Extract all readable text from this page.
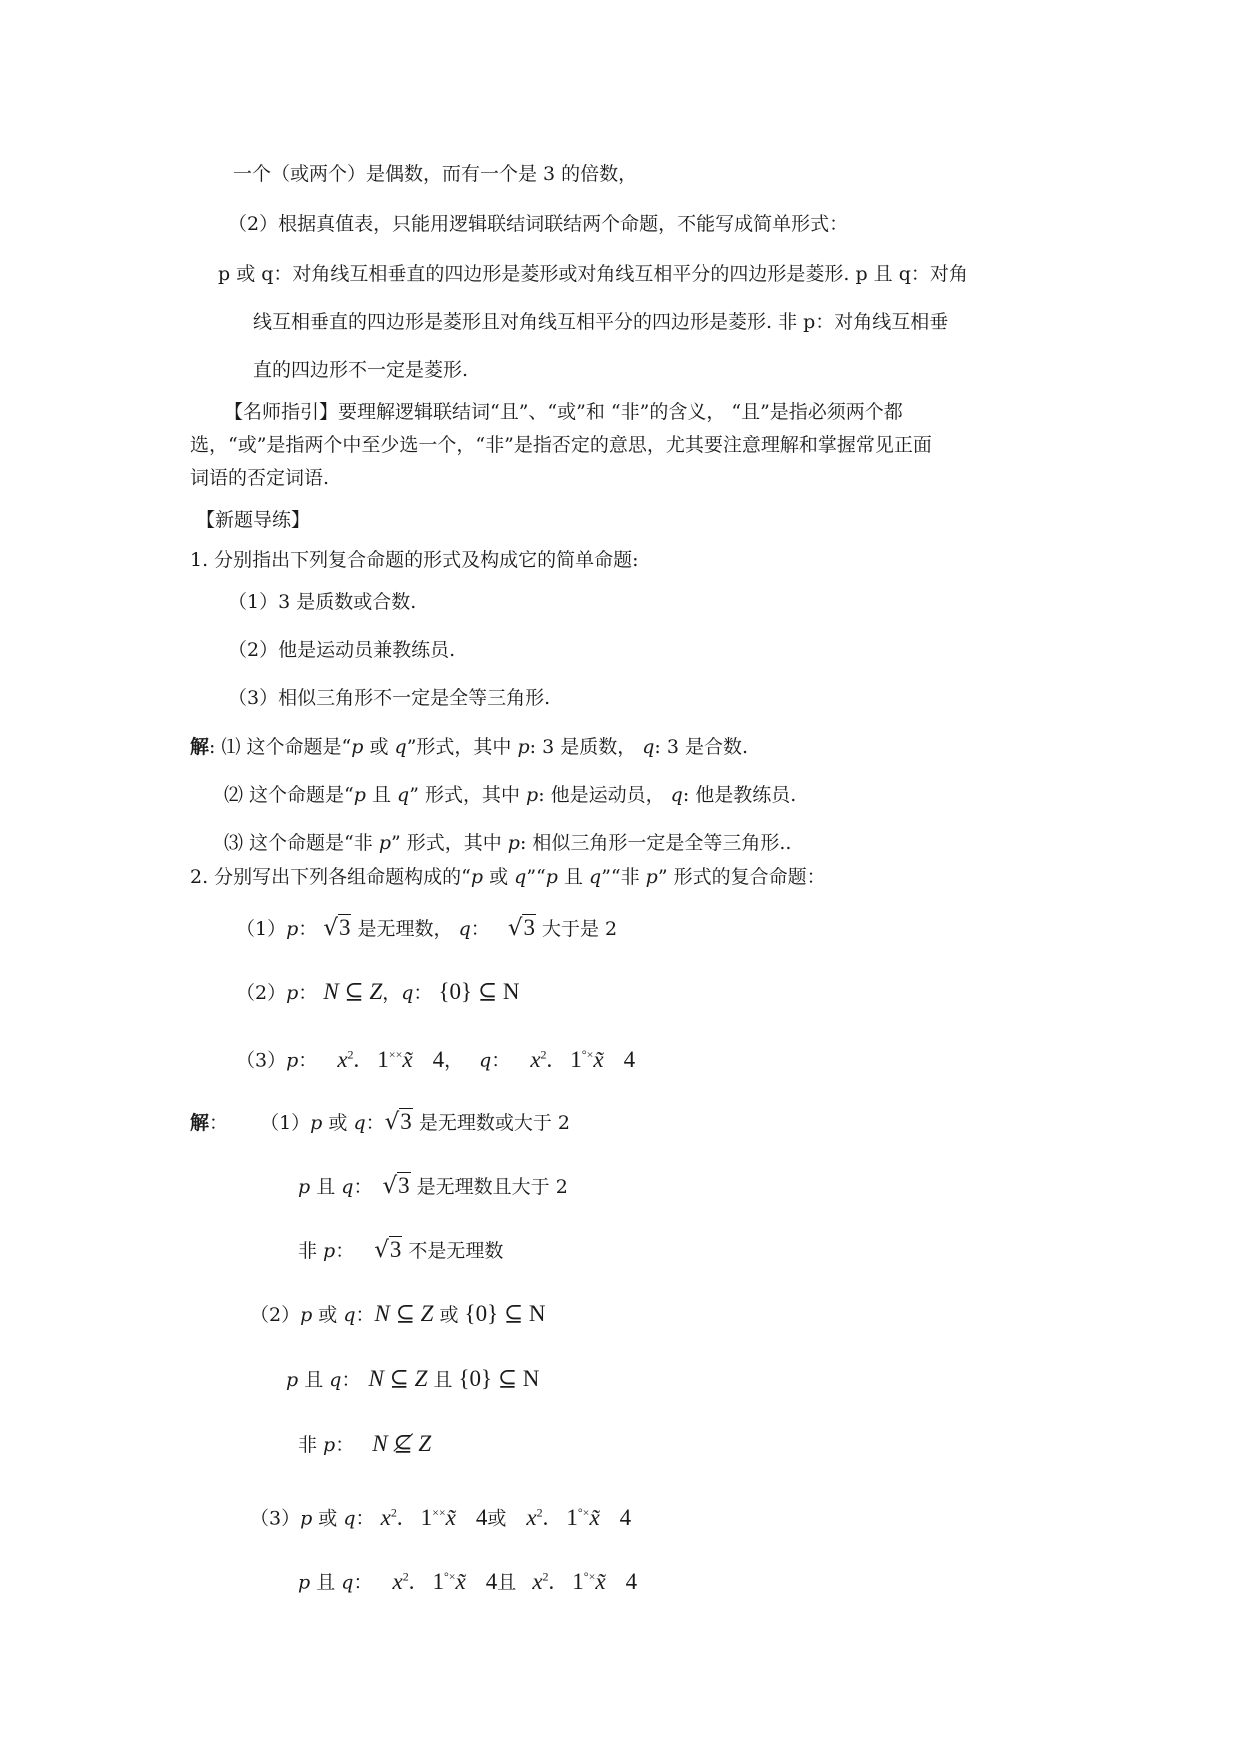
一个（或两个）是偶数，而有一个是 3 的倍数，
（2）根据真值表，只能用逻辑联结词联结两个命题，不能写成简单形式：
p 或 q：对角线互相垂直的四边形是菱形或对角线互相平分的四边形是菱形. p 且 q：对角
线互相垂直的四边形是菱形且对角线互相平分的四边形是菱形. 非 p：对角线互相垂
直的四边形不一定是菱形.
【名师指引】要理解逻辑联结词“且”、“或”和 “非”的含义， “且”是指必须两个都
选，“或”是指两个中至少选一个，“非”是指否定的意思，尤其要注意理解和掌握常见正面
词语的否定词语.
【新题导练】
1. 分别指出下列复合命题的形式及构成它的简单命题:
（1）3 是质数或合数.
（2）他是运动员兼教练员.
（3）相似三角形不一定是全等三角形.
解: ⑴ 这个命题是“p 或 q”形式，其中 p: 3 是质数， q: 3 是合数.
⑵ 这个命题是“p 且 q” 形式，其中 p: 他是运动员， q: 他是教练员.
⑶ 这个命题是“非 p” 形式，其中 p: 相似三角形一定是全等三角形..
2. 分别写出下列各组命题构成的“p 或 q”“p 且 q”“非 p” 形式的复合命题：
（1）p： √3 是无理数， q： √3 大于是 2
（2）p： N ⊆ Z，q： {0} ⊆ N
（3）p： $x^2$. 1××x̃ 4， q： $x^2$. 1°×x̃ 4
解： （1）p 或 q：√3 是无理数或大于 2
p 且 q： √3 是无理数且大于 2
非 p： √3 不是无理数
（2）p 或 q：N ⊆ Z 或 {0} ⊆ N
p 且 q： N ⊆ Z 且 {0} ⊆ N
非 p： N ⊈ Z
（3）p 或 q： $x^2$. 1××x̃ 4或 $x^2$. 1°×x̃ 4
p 且 q： $x^2$. 1°×x̃ 4且 $x^2$. 1°×x̃ 4
